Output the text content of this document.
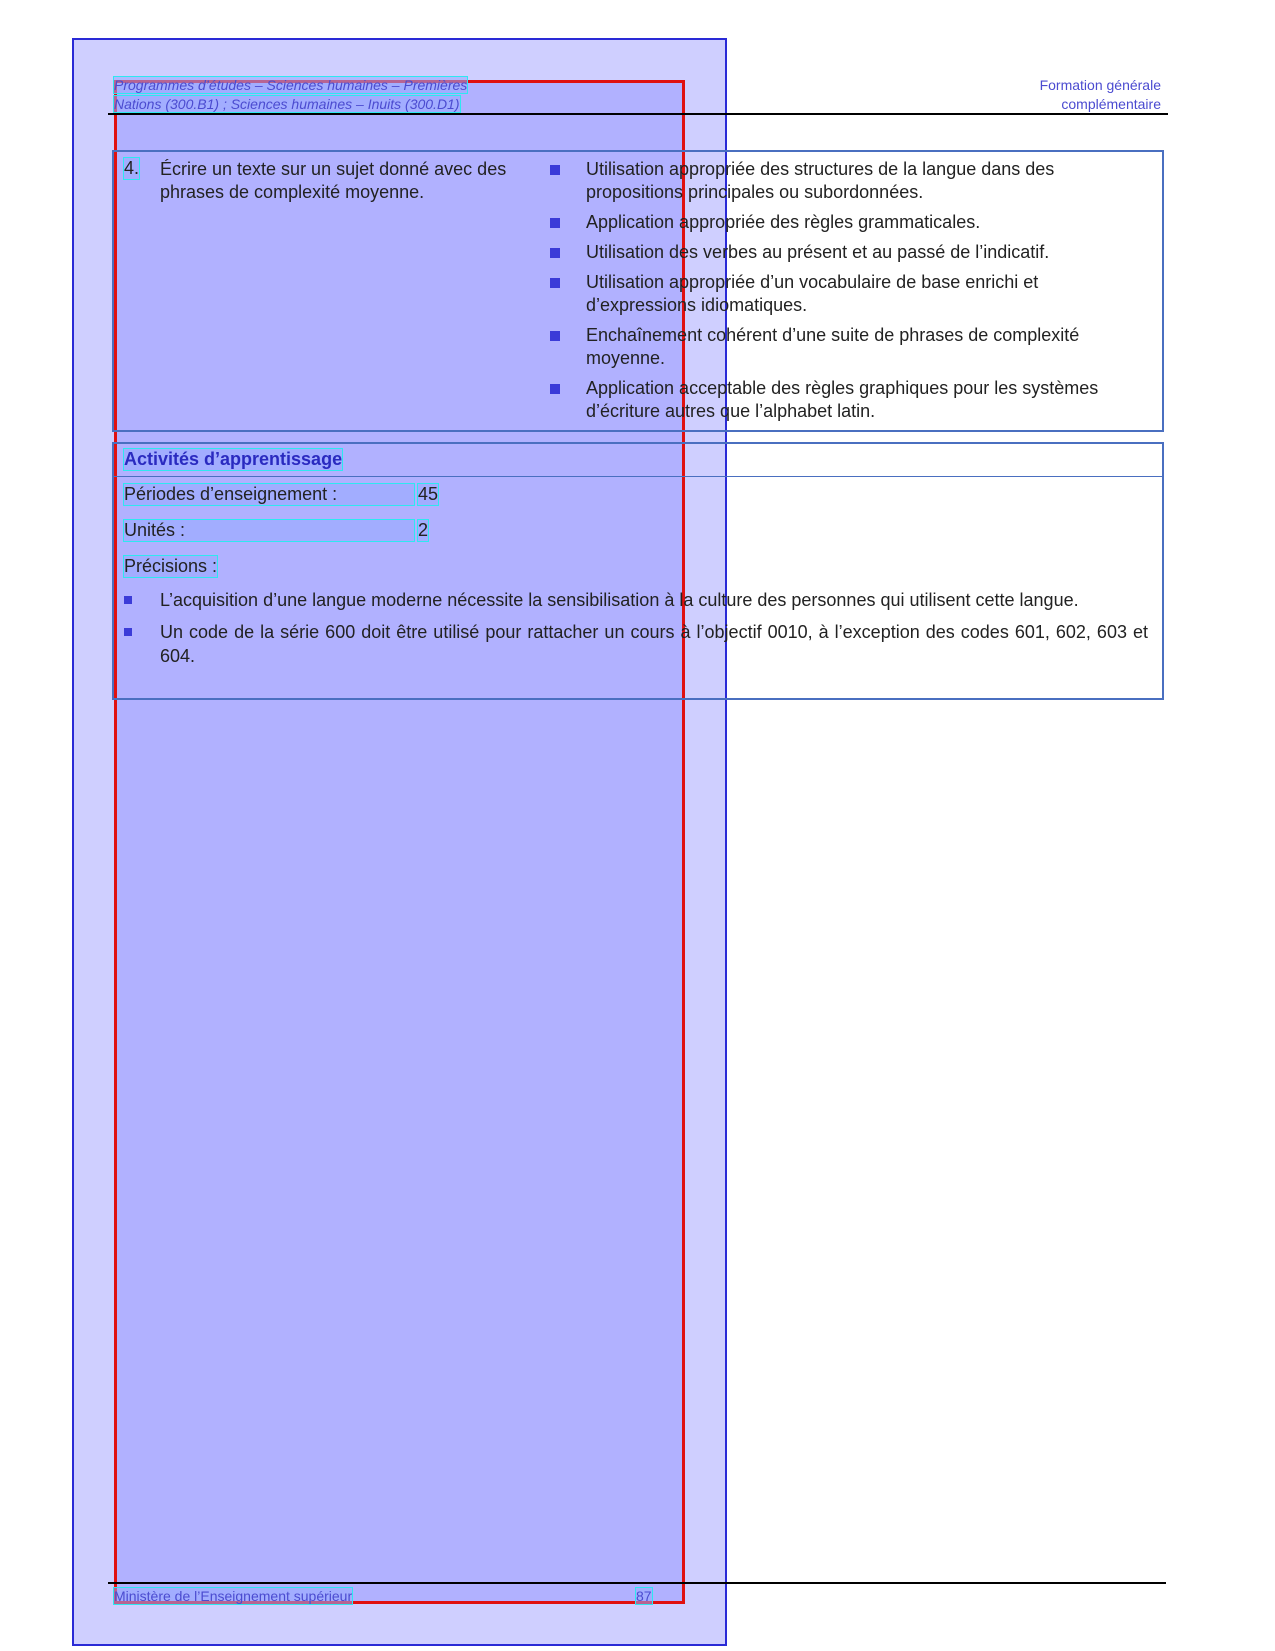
Programmes d’études – Sciences humaines – Premières
Nations (300.B1) ; Sciences humaines – Inuits (300.D1)
Formation générale
complémentaire
4. Écrire un texte sur un sujet donné avec des phrases de complexité moyenne.
Utilisation appropriée des structures de la langue dans des propositions principales ou subordonnées.
Application appropriée des règles grammaticales.
Utilisation des verbes au présent et au passé de l’indicatif.
Utilisation appropriée d’un vocabulaire de base enrichi et d’expressions idiomatiques.
Enchaînement cohérent d’une suite de phrases de complexité moyenne.
Application acceptable des règles graphiques pour les systèmes d’écriture autres que l’alphabet latin.
Activités d’apprentissage
Périodes d’enseignement :	45
Unités :	2
Précisions :
L’acquisition d’une langue moderne nécessite la sensibilisation à la culture des personnes qui utilisent cette langue.
Un code de la série 600 doit être utilisé pour rattacher un cours à l’objectif 0010, à l’exception des codes 601, 602, 603 et 604.
Ministère de l’Enseignement supérieur	87
